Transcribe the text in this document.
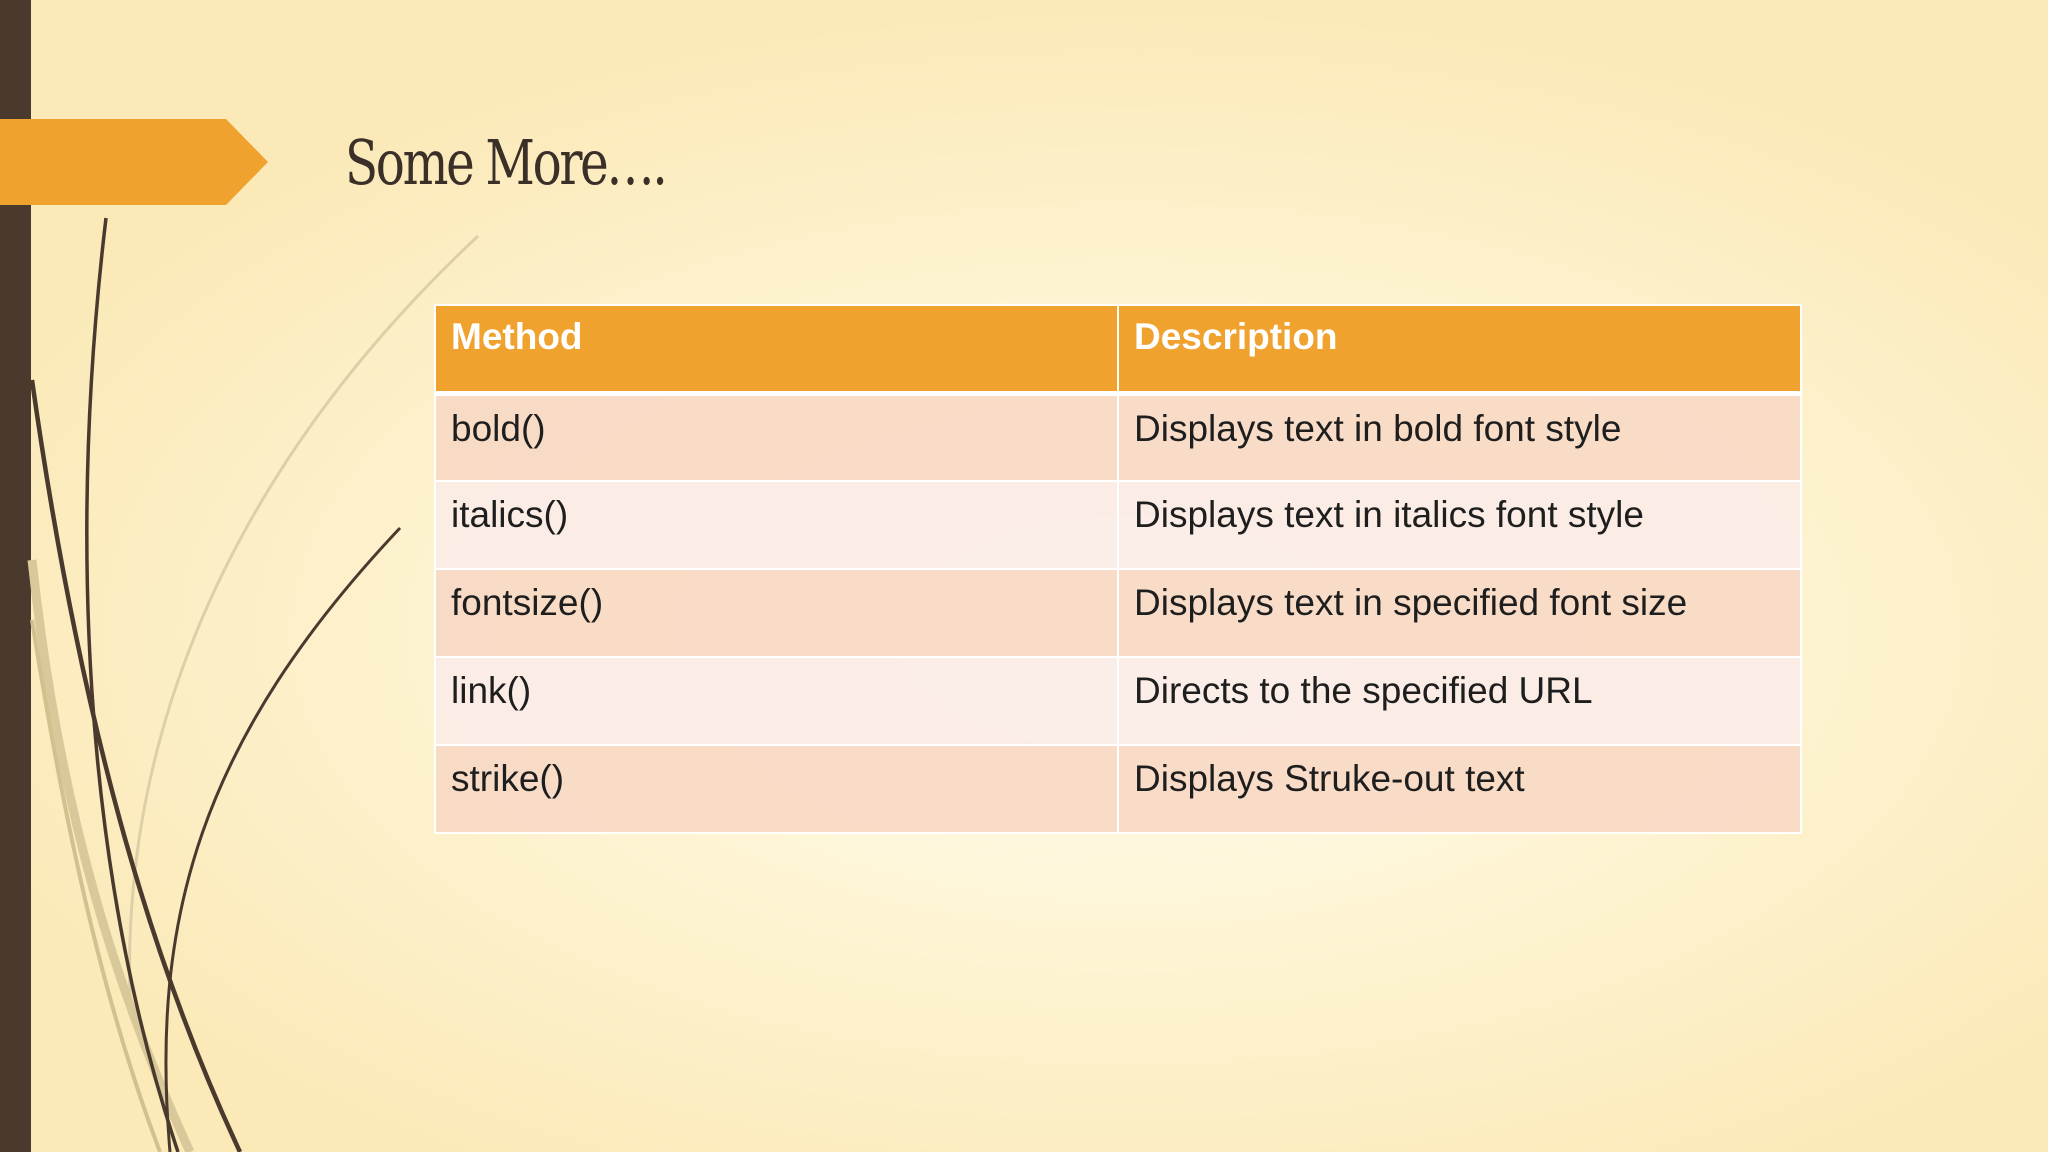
Some More….
Method	Description
bold()	Displays text in bold font style
italics()	Displays text in italics font style
fontsize()	Displays text in specified font size
link()	Directs to the specified URL
strike()	Displays Struke-out text
